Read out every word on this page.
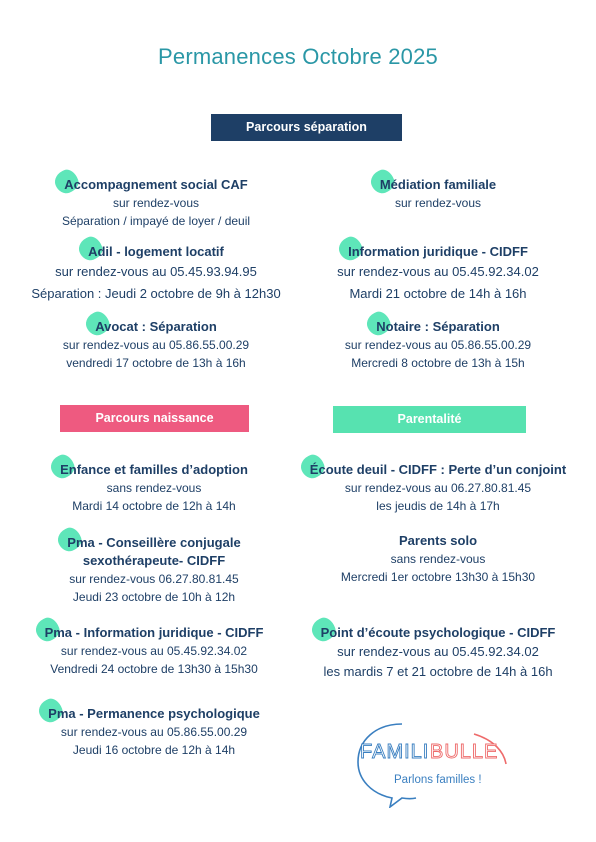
Permanences Octobre 2025
Parcours séparation
Accompagnement social CAF
sur rendez-vous
Séparation / impayé de loyer / deuil
Adil - logement locatif
sur rendez-vous au 05.45.93.94.95
Séparation : Jeudi 2 octobre de 9h à 12h30
Avocat : Séparation
sur rendez-vous au 05.86.55.00.29
vendredi 17 octobre de 13h à 16h
Médiation familiale
sur rendez-vous
Information juridique - CIDFF
sur rendez-vous au 05.45.92.34.02
Mardi 21 octobre de 14h à 16h
Notaire : Séparation
sur rendez-vous au 05.86.55.00.29
Mercredi 8 octobre de 13h à 15h
Parcours naissance	Parentalité
Enfance et familles d’adoption
sans rendez-vous
Mardi 14 octobre de 12h à 14h
Pma - Conseillère conjugale
sexothérapeute- CIDFF
sur rendez-vous 06.27.80.81.45
Jeudi 23 octobre de 10h à 12h
Pma - Information juridique - CIDFF
sur rendez-vous au 05.45.92.34.02
Vendredi 24 octobre de 13h30 à 15h30
Pma - Permanence psychologique
sur rendez-vous au 05.86.55.00.29
Jeudi 16 octobre de 12h à 14h
Écoute deuil - CIDFF : Perte d’un conjoint
sur rendez-vous au 06.27.80.81.45
les jeudis de 14h à 17h
Parents solo
sans rendez-vous
Mercredi 1er octobre 13h30 à 15h30
Point d’écoute psychologique - CIDFF
sur rendez-vous au 05.45.92.34.02
les mardis 7 et 21 octobre de 14h à 16h
FAMILI BULLE
Parlons familles !
